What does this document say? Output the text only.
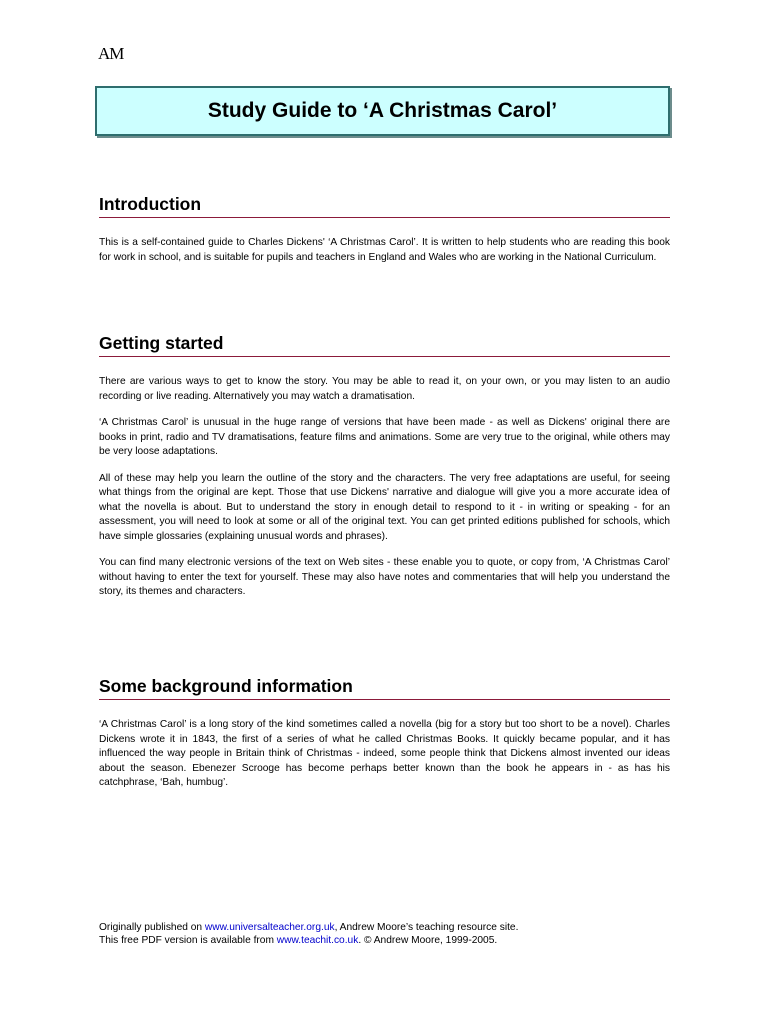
AM
Study Guide to ‘A Christmas Carol’
Introduction

This is a self-contained guide to Charles Dickens' ‘A Christmas Carol’. It is written to help students who are reading this book for work in school, and is suitable for pupils and teachers in England and Wales who are working in the National Curriculum.

Getting started

There are various ways to get to know the story. You may be able to read it, on your own, or you may listen to an audio recording or live reading. Alternatively you may watch a dramatisation.

‘A Christmas Carol’ is unusual in the huge range of versions that have been made - as well as Dickens' original there are books in print, radio and TV dramatisations, feature films and animations. Some are very true to the original, while others may be very loose adaptations.

All of these may help you learn the outline of the story and the characters. The very free adaptations are useful, for seeing what things from the original are kept. Those that use Dickens' narrative and dialogue will give you a more accurate idea of what the novella is about. But to understand the story in enough detail to respond to it - in writing or speaking - for an assessment, you will need to look at some or all of the original text. You can get printed editions published for schools, which have simple glossaries (explaining unusual words and phrases).

You can find many electronic versions of the text on Web sites - these enable you to quote, or copy from, ‘A Christmas Carol’ without having to enter the text for yourself. These may also have notes and commentaries that will help you understand the story, its themes and characters.

Some background information

‘A Christmas Carol’ is a long story of the kind sometimes called a novella (big for a story but too short to be a novel). Charles Dickens wrote it in 1843, the first of a series of what he called Christmas Books. It quickly became popular, and it has influenced the way people in Britain think of Christmas - indeed, some people think that Dickens almost invented our ideas about the season. Ebenezer Scrooge has become perhaps better known than the book he appears in - as has his catchphrase, ‘Bah, humbug’.

Originally published on www.universalteacher.org.uk, Andrew Moore’s teaching resource site.
This free PDF version is available from www.teachit.co.uk. © Andrew Moore, 1999-2005.
